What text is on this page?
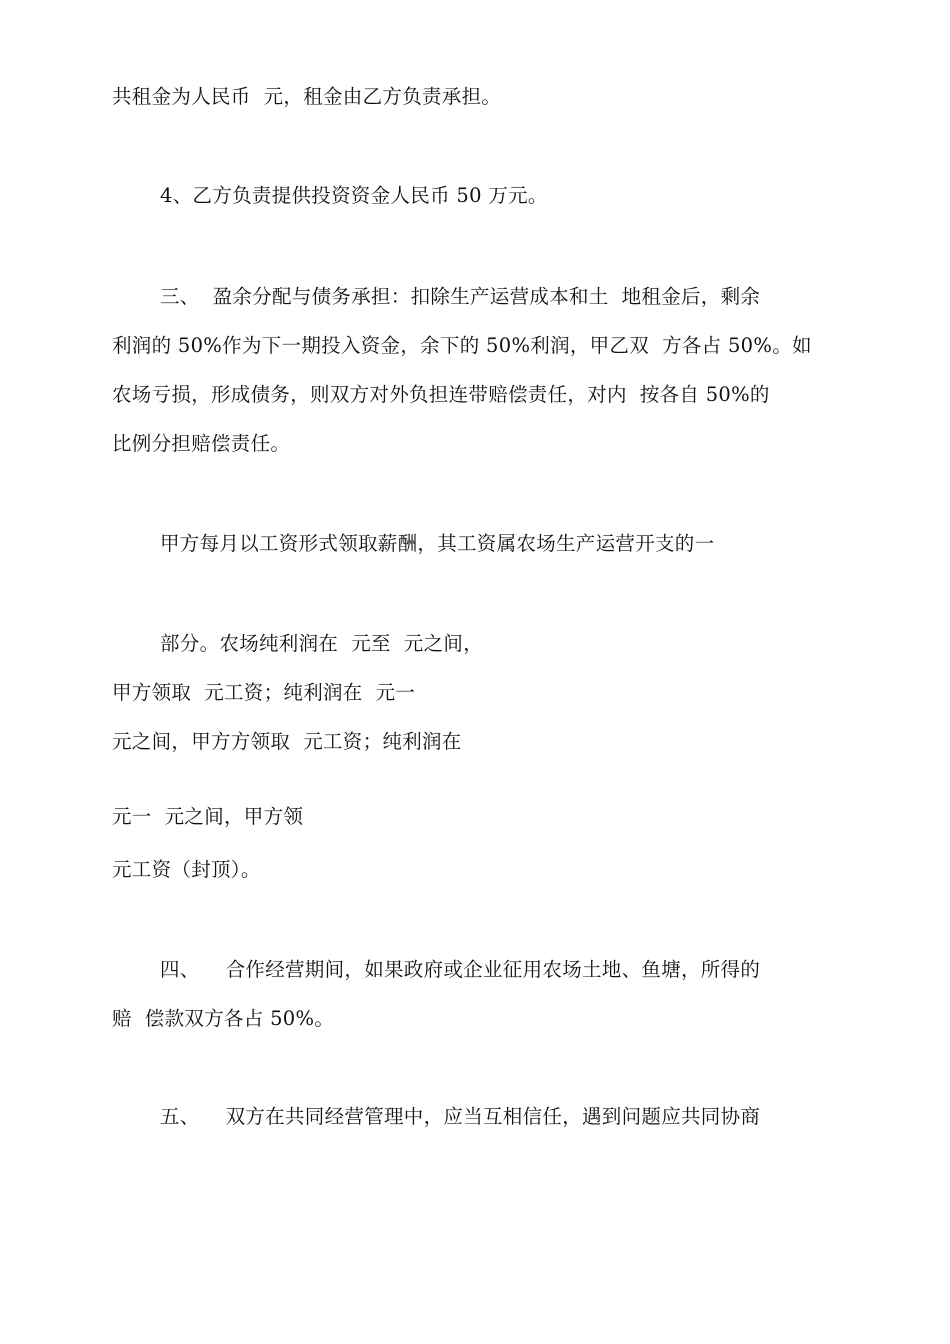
共租金为人民币  元，租金由乙方负责承担。
4、乙方负责提供投资资金人民币 50 万元。
三、  盈余分配与债务承担：扣除生产运营成本和土  地租金后，剩余
利润的 50%作为下一期投入资金，余下的 50%利润，甲乙双  方各占 50%。如
农场亏损，形成债务，则双方对外负担连带赔偿责任，对内  按各自 50%的
比例分担赔偿责任。
甲方每月以工资形式领取薪酬，其工资属农场生产运营开支的一
部分。农场纯利润在  元至  元之间，
甲方领取  元工资；纯利润在  元一
元之间，甲方方领取  元工资；纯利润在
元一  元之间，甲方领
元工资（封顶）。
四、    合作经营期间，如果政府或企业征用农场土地、鱼塘，所得的
赔  偿款双方各占 50%。
五、    双方在共同经营管理中，应当互相信任，遇到问题应共同协商
